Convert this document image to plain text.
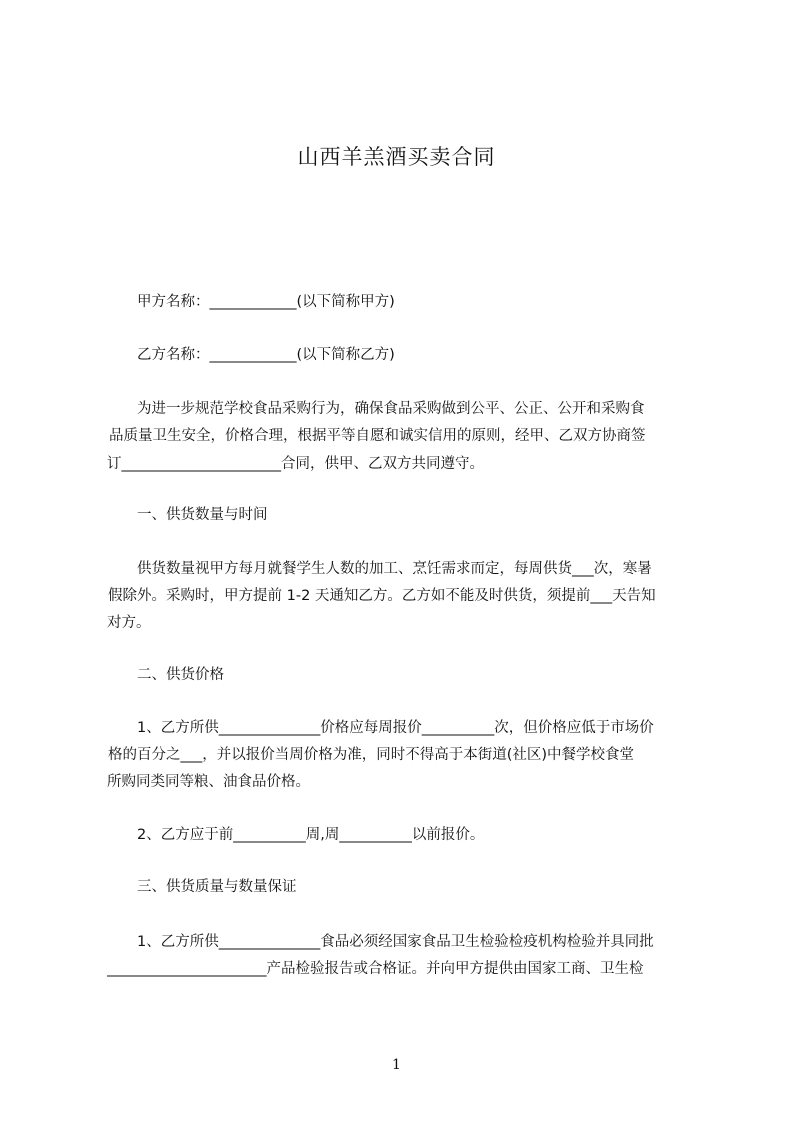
山西羊羔酒买卖合同
甲方名称：____________(以下简称甲方)
乙方名称：____________(以下简称乙方)
为进一步规范学校食品采购行为，确保食品采购做到公平、公正、公开和采购食
品质量卫生安全，价格合理，根据平等自愿和诚实信用的原则，经甲、乙双方协商签
订______________________合同，供甲、乙双方共同遵守。
一、供货数量与时间
供货数量视甲方每月就餐学生人数的加工、烹饪需求而定，每周供货___次，寒暑
假除外。采购时，甲方提前 1-2 天通知乙方。乙方如不能及时供货，须提前___天告知
对方。
二、供货价格
1、乙方所供______________价格应每周报价__________次，但价格应低于市场价
格的百分之___，并以报价当周价格为准，同时不得高于本街道(社区)中餐学校食堂
所购同类同等粮、油食品价格。
2、乙方应于前__________周,周__________以前报价。
三、供货质量与数量保证
1、乙方所供______________食品必须经国家食品卫生检验检疫机构检验并具同批
______________________产品检验报告或合格证。并向甲方提供由国家工商、卫生检
1
